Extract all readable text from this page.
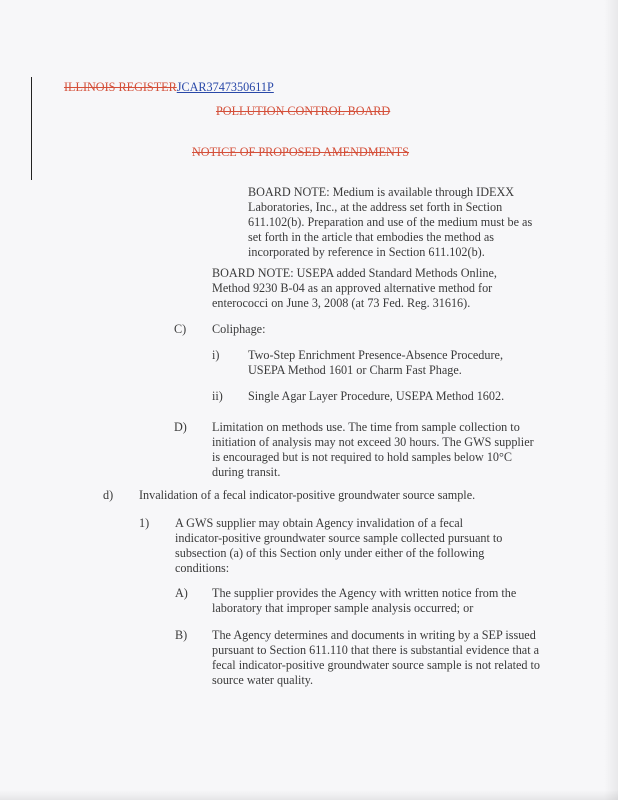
ILLINOIS REGISTERJCAR3747350611P

POLLUTION CONTROL BOARD

NOTICE OF PROPOSED AMENDMENTS

BOARD NOTE: Medium is available through IDEXX Laboratories, Inc., at the address set forth in Section 611.102(b). Preparation and use of the medium must be as set forth in the article that embodies the method as incorporated by reference in Section 611.102(b).

BOARD NOTE: USEPA added Standard Methods Online, Method 9230 B-04 as an approved alternative method for enterococci on June 3, 2008 (at 73 Fed. Reg. 31616).

C) Coliphage:

i) Two-Step Enrichment Presence-Absence Procedure, USEPA Method 1601 or Charm Fast Phage.

ii) Single Agar Layer Procedure, USEPA Method 1602.

D) Limitation on methods use. The time from sample collection to initiation of analysis may not exceed 30 hours. The GWS supplier is encouraged but is not required to hold samples below 10°C during transit.

d) Invalidation of a fecal indicator-positive groundwater source sample.

1) A GWS supplier may obtain Agency invalidation of a fecal indicator-positive groundwater source sample collected pursuant to subsection (a) of this Section only under either of the following conditions:

A) The supplier provides the Agency with written notice from the laboratory that improper sample analysis occurred; or

B) The Agency determines and documents in writing by a SEP issued pursuant to Section 611.110 that there is substantial evidence that a fecal indicator-positive groundwater source sample is not related to source water quality.
